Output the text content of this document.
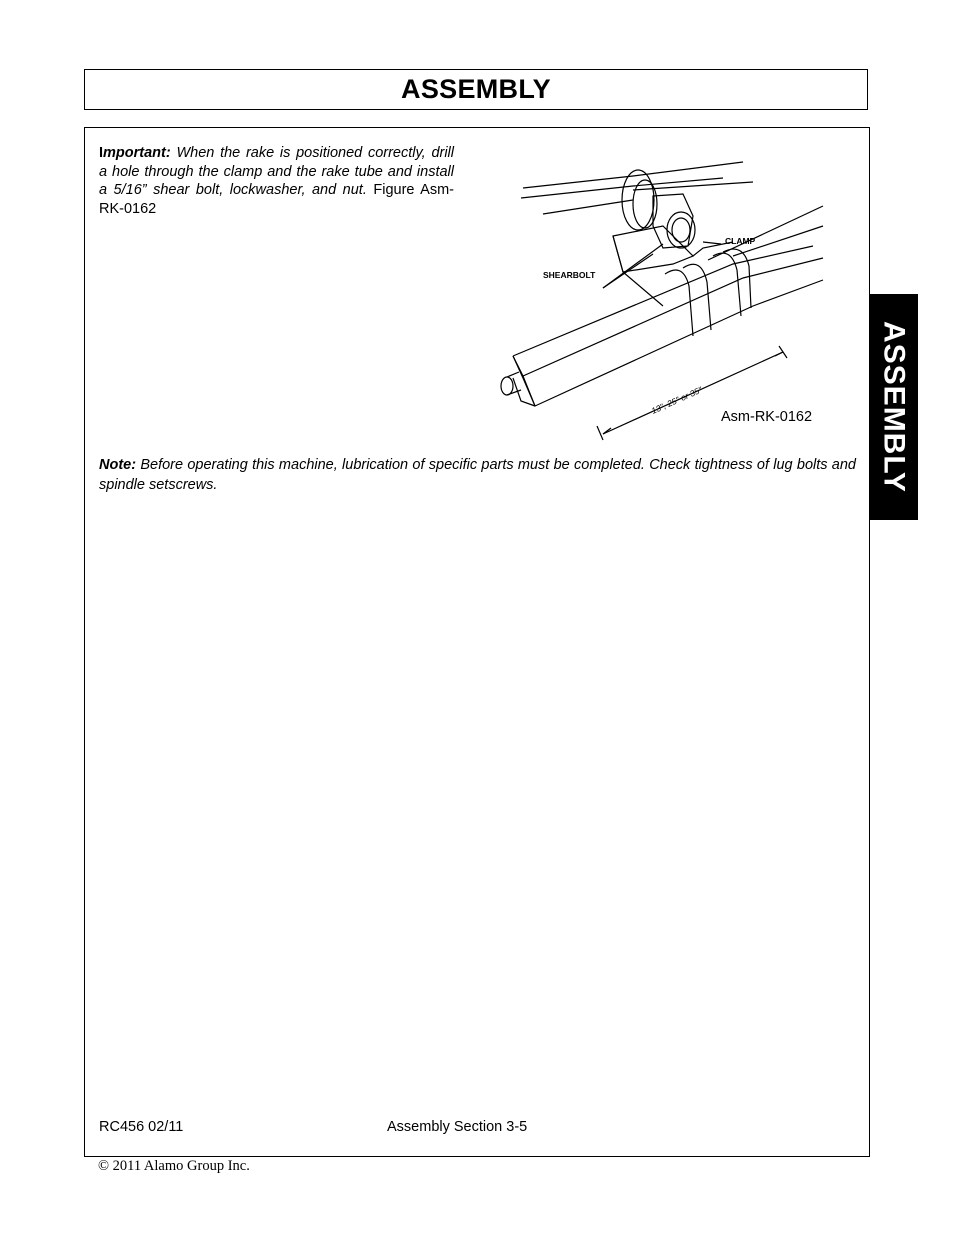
ASSEMBLY
Important: When the rake is positioned correctly, drill a hole through the clamp and the rake tube and install a 5/16” shear bolt, lockwasher, and nut. Figure Asm-RK-0162
CLAMP
SHEARBOLT
13", 25" or 35"
Asm-RK-0162
Note: Before operating this machine, lubrication of specific parts must be completed. Check tightness of lug bolts and spindle setscrews.
RC456 02/11	Assembly Section 3-5
© 2011 Alamo Group Inc.
ASSEMBLY
